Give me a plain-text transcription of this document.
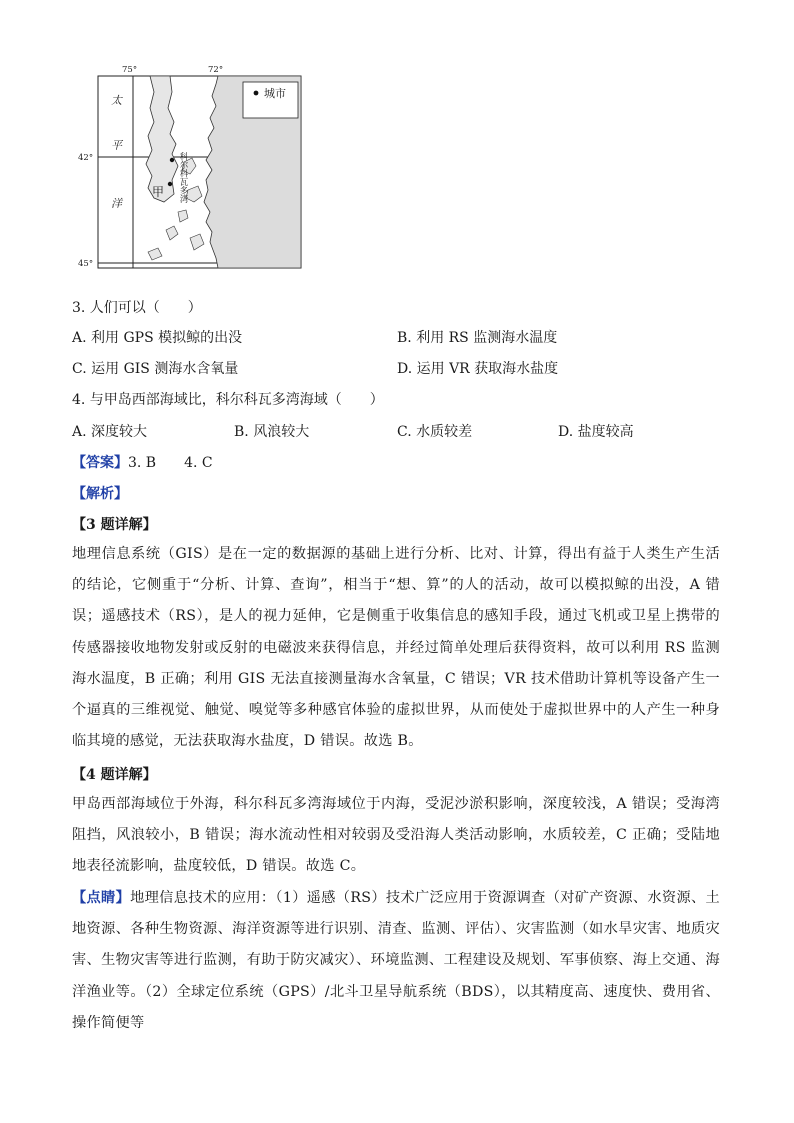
城市
75°	72°
42°
45°
太
平
洋
甲 科尔科瓦多湾
3. 人们可以（　　）
A. 利用 GPS 模拟鲸的出没	B. 利用 RS 监测海水温度
C. 运用 GIS 测海水含氧量	D. 运用 VR 获取海水盐度
4. 与甲岛西部海域比，科尔科瓦多湾海域（　　）
A. 深度较大	B. 风浪较大	C. 水质较差	D. 盐度较高
【答案】3. B　　4. C
【解析】
【3 题详解】
地理信息系统（GIS）是在一定的数据源的基础上进行分析、比对、计算，得出有益于人类生产生活的结论，它侧重于“分析、计算、查询”，相当于“想、算”的人的活动，故可以模拟鲸的出没，A 错误；遥感技术（RS），是人的视力延伸，它是侧重于收集信息的感知手段，通过飞机或卫星上携带的传感器接收地物发射或反射的电磁波来获得信息，并经过简单处理后获得资料，故可以利用 RS 监测海水温度，B 正确；利用 GIS 无法直接测量海水含氧量，C 错误；VR 技术借助计算机等设备产生一个逼真的三维视觉、触觉、嗅觉等多种感官体验的虚拟世界，从而使处于虚拟世界中的人产生一种身临其境的感觉，无法获取海水盐度，D 错误。故选 B。
【4 题详解】
甲岛西部海域位于外海，科尔科瓦多湾海域位于内海，受泥沙淤积影响，深度较浅，A 错误；受海湾阻挡，风浪较小，B 错误；海水流动性相对较弱及受沿海人类活动影响，水质较差，C 正确；受陆地地表径流影响，盐度较低，D 错误。故选 C。
【点睛】地理信息技术的应用：（1）遥感（RS）技术广泛应用于资源调查（对矿产资源、水资源、土地资源、各种生物资源、海洋资源等进行识别、清查、监测、评估）、灾害监测（如水旱灾害、地质灾害、生物灾害等进行监测，有助于防灾减灾）、环境监测、工程建设及规划、军事侦察、海上交通、海洋渔业等。（2）全球定位系统（GPS）/北斗卫星导航系统（BDS），以其精度高、速度快、费用省、操作简便等
